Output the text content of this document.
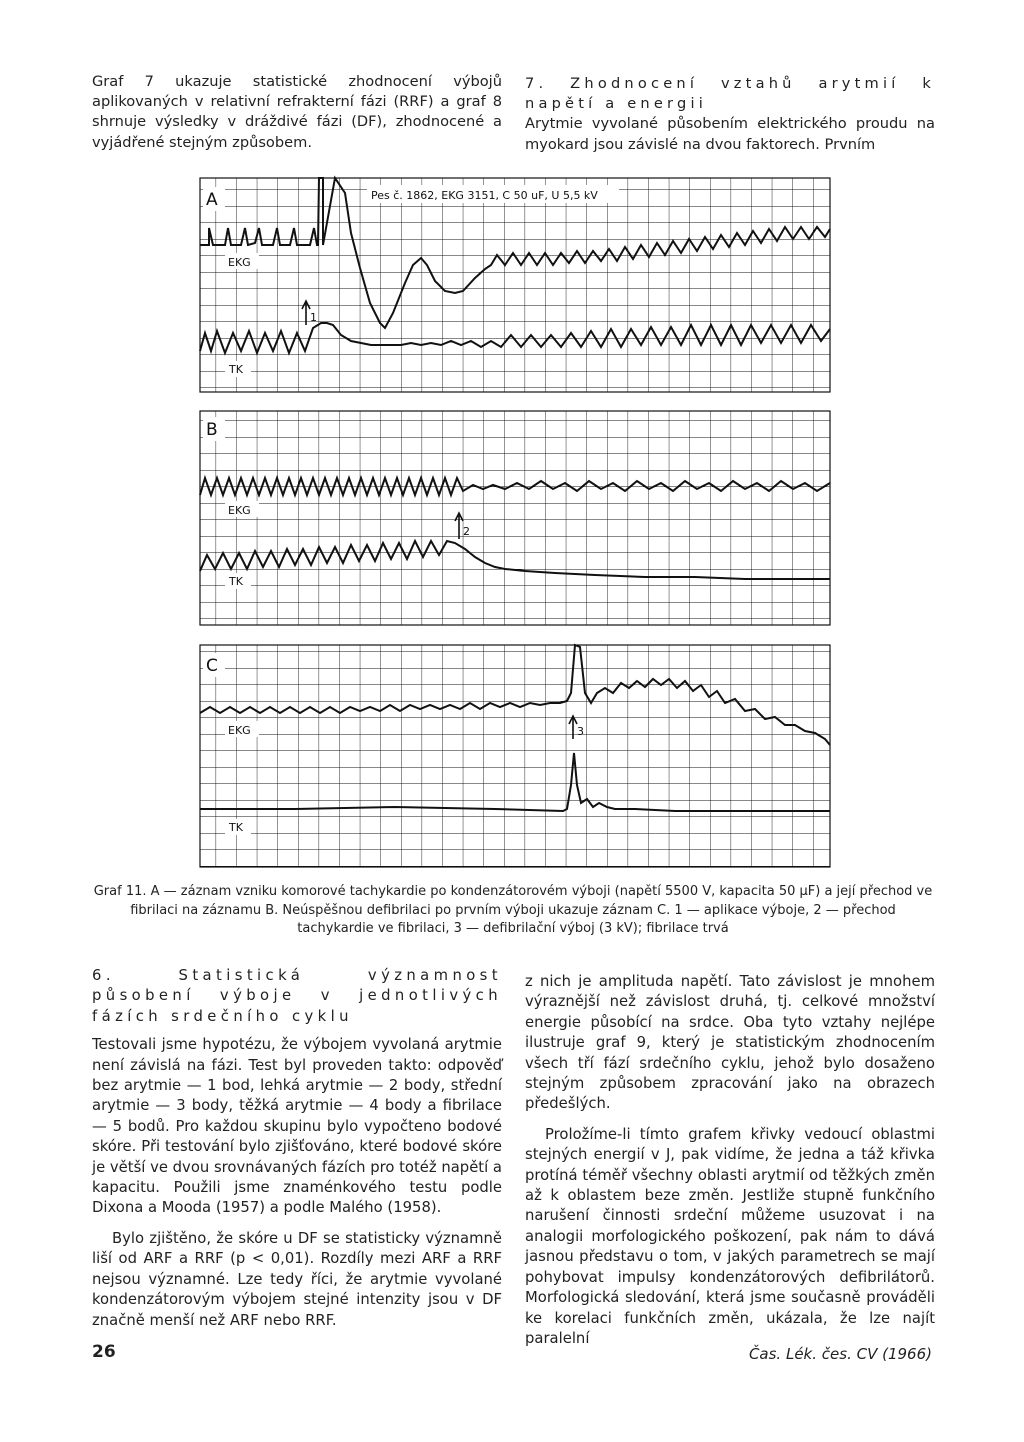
Graf 7 ukazuje statistické zhodnocení výbojů aplikovaných v relativní refrakterní fázi (RRF) a graf 8 shrnuje výsledky v dráždivé fázi (DF), zhodnocené a vyjádřené stejným způsobem.

7. Zhodnocení vztahů arytmií k napětí a energii

Arytmie vyvolané působením elektrického proudu na myokard jsou závislé na dvou faktorech. Prvním

A	Pes č. 1862, EKG 3151, C 50 uF, U 5,5 kV
EKG
TK
1
B
EKG
TK
2
C
EKG
TK
3

Graf 11. A — záznam vzniku komorové tachykardie po kondenzátorovém výboji (napětí 5500 V, kapacita 50 μF) a její přechod ve fibrilaci na záznamu B. Neúspěšnou defibrilaci po prvním výboji ukazuje záznam C. 1 — aplikace výboje, 2 — přechod tachykardie ve fibrilaci, 3 — defibrilační výboj (3 kV); fibrilace trvá

6. Statistická významnost působení výboje v jednotlivých fázích srdečního cyklu

Testovali jsme hypotézu, že výbojem vyvolaná arytmie není závislá na fázi. Test byl proveden takto: odpověď bez arytmie — 1 bod, lehká arytmie — 2 body, střední arytmie — 3 body, těžká arytmie — 4 body a fibrilace — 5 bodů. Pro každou skupinu bylo vypočteno bodové skóre. Při testování bylo zjišťováno, které bodové skóre je větší ve dvou srovnávaných fázích pro totéž napětí a kapacitu. Použili jsme znaménkového testu podle Dixona a Mooda (1957) a podle Malého (1958).

Bylo zjištěno, že skóre u DF se statisticky významně liší od ARF a RRF (p < 0,01). Rozdíly mezi ARF a RRF nejsou významné. Lze tedy říci, že arytmie vyvolané kondenzátorovým výbojem stejné intenzity jsou v DF značně menší než ARF nebo RRF.

z nich je amplituda napětí. Tato závislost je mnohem výraznější než závislost druhá, tj. celkové množství energie působící na srdce. Oba tyto vztahy nejlépe ilustruje graf 9, který je statistickým zhodnocením všech tří fází srdečního cyklu, jehož bylo dosaženo stejným způsobem zpracování jako na obrazech předešlých.

Proložíme-li tímto grafem křivky vedoucí oblastmi stejných energií v J, pak vidíme, že jedna a táž křivka protíná téměř všechny oblasti arytmií od těžkých změn až k oblastem beze změn. Jestliže stupně funkčního narušení činnosti srdeční můžeme usuzovat i na analogii morfologického poškození, pak nám to dává jasnou představu o tom, v jakých parametrech se mají pohybovat impulsy kondenzátorových defibrilátorů. Morfologická sledování, která jsme současně prováděli ke korelaci funkčních změn, ukázala, že lze najít paralelní

26	Čas. Lék. čes. CV (1966)
